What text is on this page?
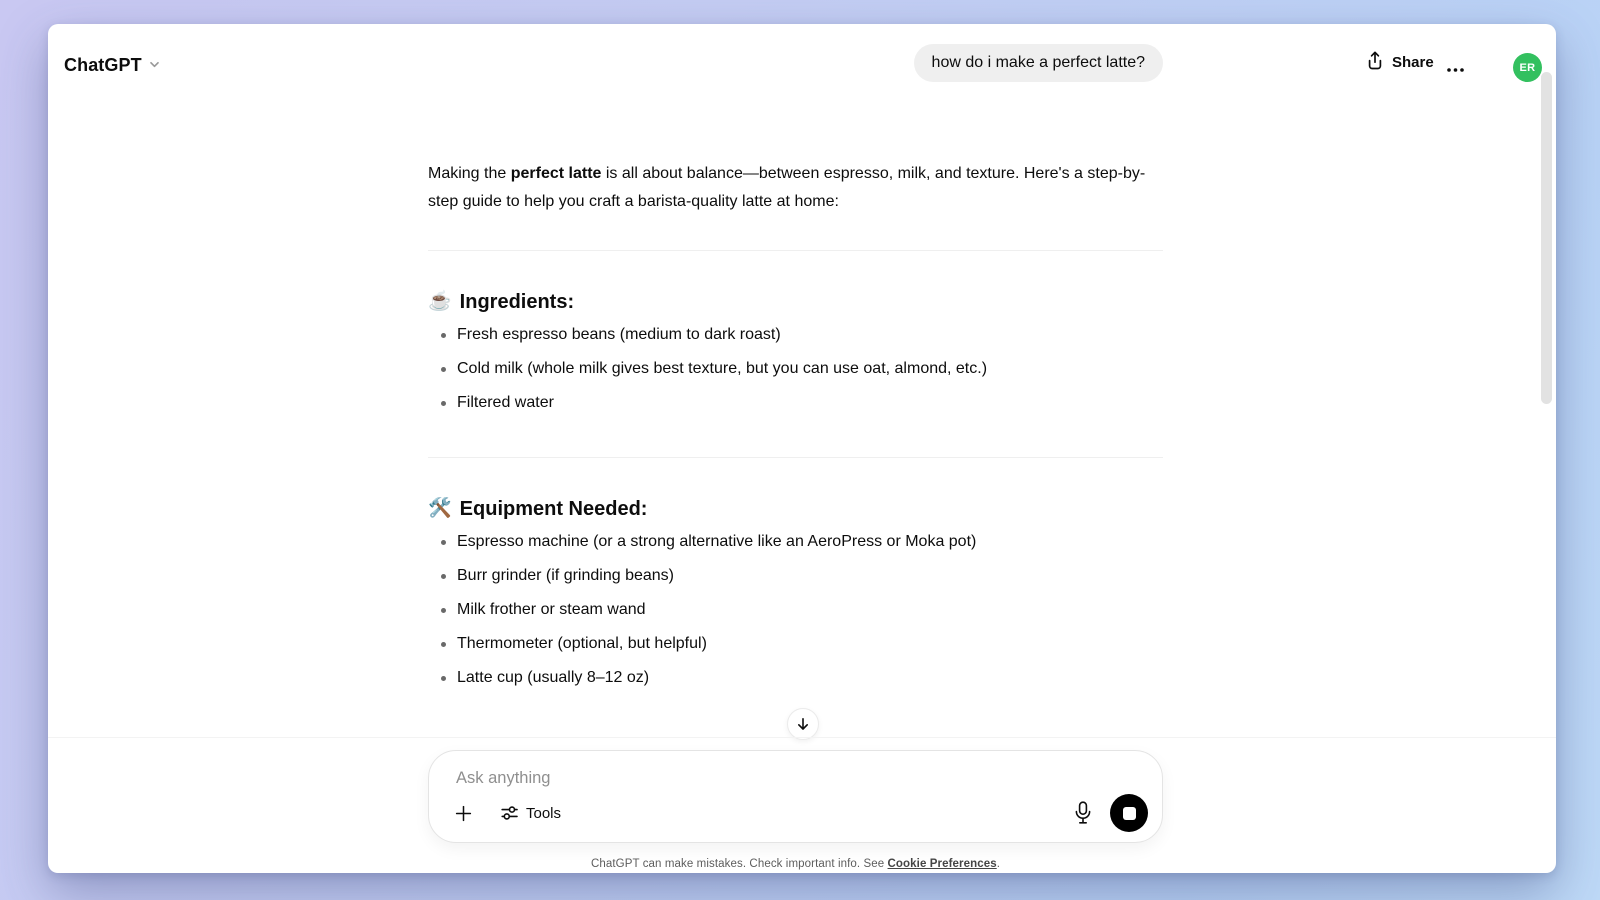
ChatGPT	Share	ER
how do i make a perfect latte?

Making the perfect latte is all about balance—between espresso, milk, and texture. Here's a step-by-step guide to help you craft a barista-quality latte at home:

☕ Ingredients:
Fresh espresso beans (medium to dark roast)
Cold milk (whole milk gives best texture, but you can use oat, almond, etc.)
Filtered water
🛠️ Equipment Needed:
Espresso machine (or a strong alternative like an AeroPress or Moka pot)
Burr grinder (if grinding beans)
Milk frother or steam wand
Thermometer (optional, but helpful)
Latte cup (usually 8–12 oz)
Ask anything
Tools
ChatGPT can make mistakes. Check important info. See Cookie Preferences.
